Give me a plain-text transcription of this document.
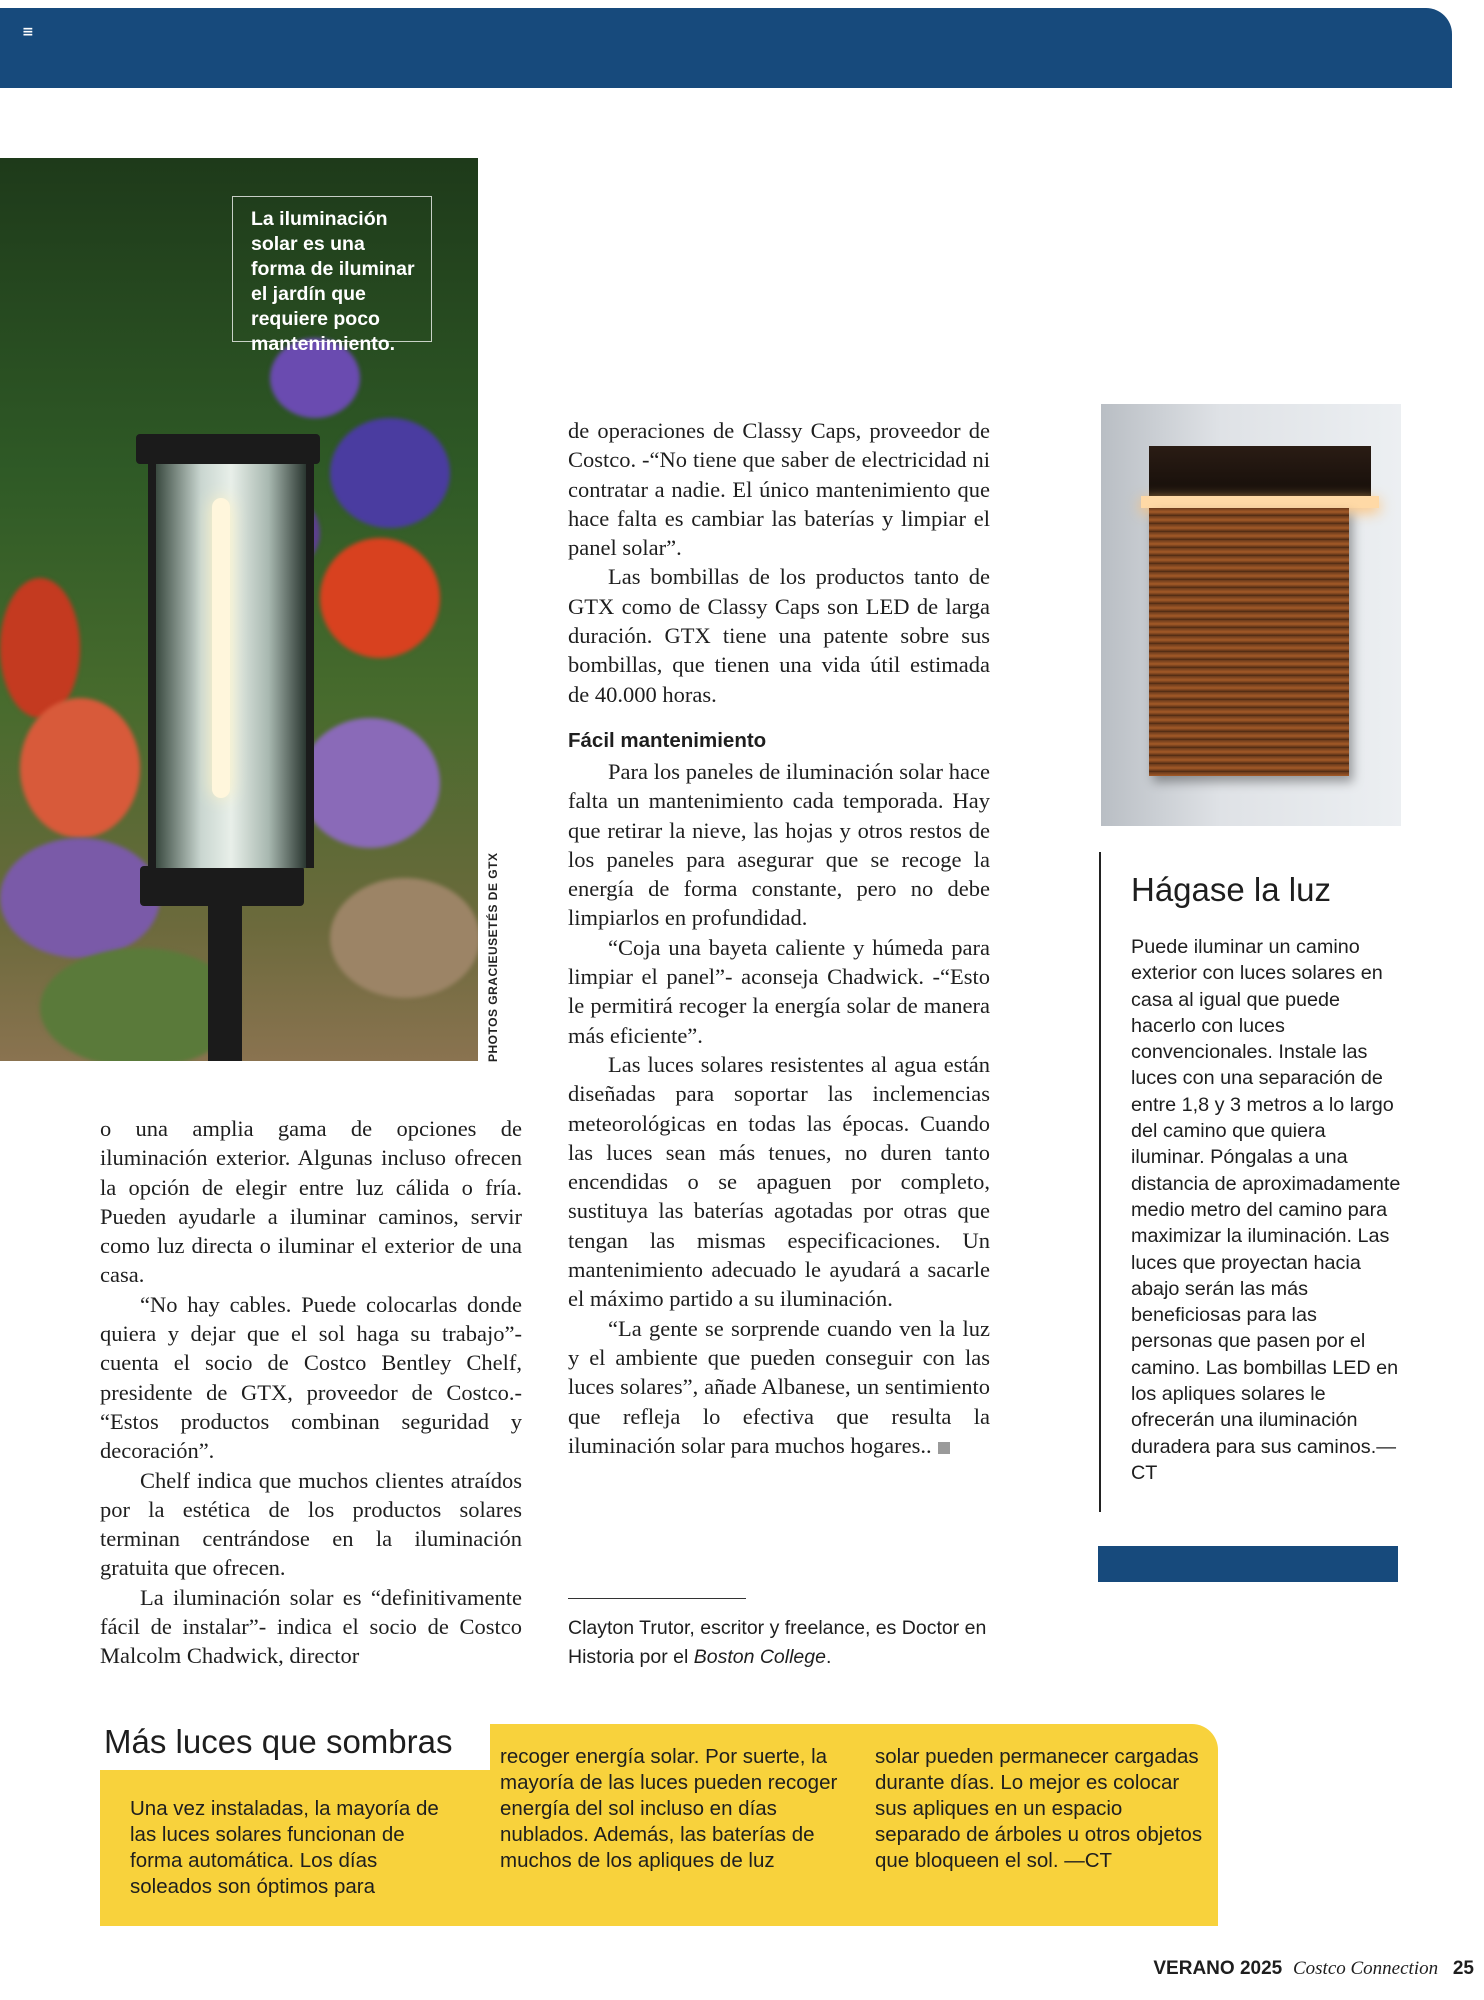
≡
La iluminación solar es una forma de iluminar el jardín que requiere poco mantenimiento.
PHOTOS GRACIEUSETÉS DE GTX

o una amplia gama de opciones de iluminación exterior. Algunas incluso ofrecen la opción de elegir entre luz cálida o fría. Pueden ayudarle a iluminar caminos, servir como luz directa o iluminar el exterior de una casa.

“No hay cables. Puede colocarlas donde quiera y dejar que el sol haga su trabajo”- cuenta el socio de Costco Bentley Chelf, presidente de GTX, proveedor de Costco.- “Estos productos combinan seguridad y decoración”.

Chelf indica que muchos clientes atraídos por la estética de los productos solares terminan centrándose en la iluminación gratuita que ofrecen.

La iluminación solar es “definitivamente fácil de instalar”- indica el socio de Costco Malcolm Chadwick, director

de operaciones de Classy Caps, proveedor de Costco. -“No tiene que saber de electricidad ni contratar a nadie. El único mantenimiento que hace falta es cambiar las baterías y limpiar el panel solar”.

Las bombillas de los productos tanto de GTX como de Classy Caps son LED de larga duración. GTX tiene una patente sobre sus bombillas, que tienen una vida útil estimada de 40.000 horas.

Fácil mantenimiento

Para los paneles de iluminación solar hace falta un mantenimiento cada temporada. Hay que retirar la nieve, las hojas y otros restos de los paneles para asegurar que se recoge la energía de forma constante, pero no debe limpiarlos en profundidad.

“Coja una bayeta caliente y húmeda para limpiar el panel”- aconseja Chadwick. -“Esto le permitirá recoger la energía solar de manera más eficiente”.

Las luces solares resistentes al agua están diseñadas para soportar las inclemencias meteorológicas en todas las épocas. Cuando las luces sean más tenues, no duren tanto encendidas o se apaguen por completo, sustituya las baterías agotadas por otras que tengan las mismas especificaciones. Un mantenimiento adecuado le ayudará a sacarle el máximo partido a su iluminación.

“La gente se sorprende cuando ven la luz y el ambiente que pueden conseguir con las luces solares”, añade Albanese, un sentimiento que refleja lo efectiva que resulta la iluminación solar para muchos hogares..

Clayton Trutor, escritor y freelance, es Doctor en Historia por el Boston College.
Hágase la luz
Puede iluminar un camino exterior con luces solares en casa al igual que puede hacerlo con luces convencionales. Instale las luces con una separación de entre 1,8 y 3 metros a lo largo del camino que quiera iluminar. Póngalas a una distancia de aproximadamente medio metro del camino para maximizar la iluminación. Las luces que proyectan hacia abajo serán las más beneficiosas para las personas que pasen por el camino. Las bombillas LED en los apliques solares le ofrecerán una iluminación duradera para sus caminos.—CT
Más luces que sombras
Una vez instaladas, la mayoría de las luces solares funcionan de forma automática. Los días soleados son óptimos para
recoger energía solar. Por suerte, la mayoría de las luces pueden recoger energía del sol incluso en días nublados. Además, las baterías de muchos de los apliques de luz
solar pueden permanecer cargadas durante días. Lo mejor es colocar sus apliques en un espacio separado de árboles u otros objetos que bloqueen el sol. —CT
VERANO 2025 Costco Connection 25
